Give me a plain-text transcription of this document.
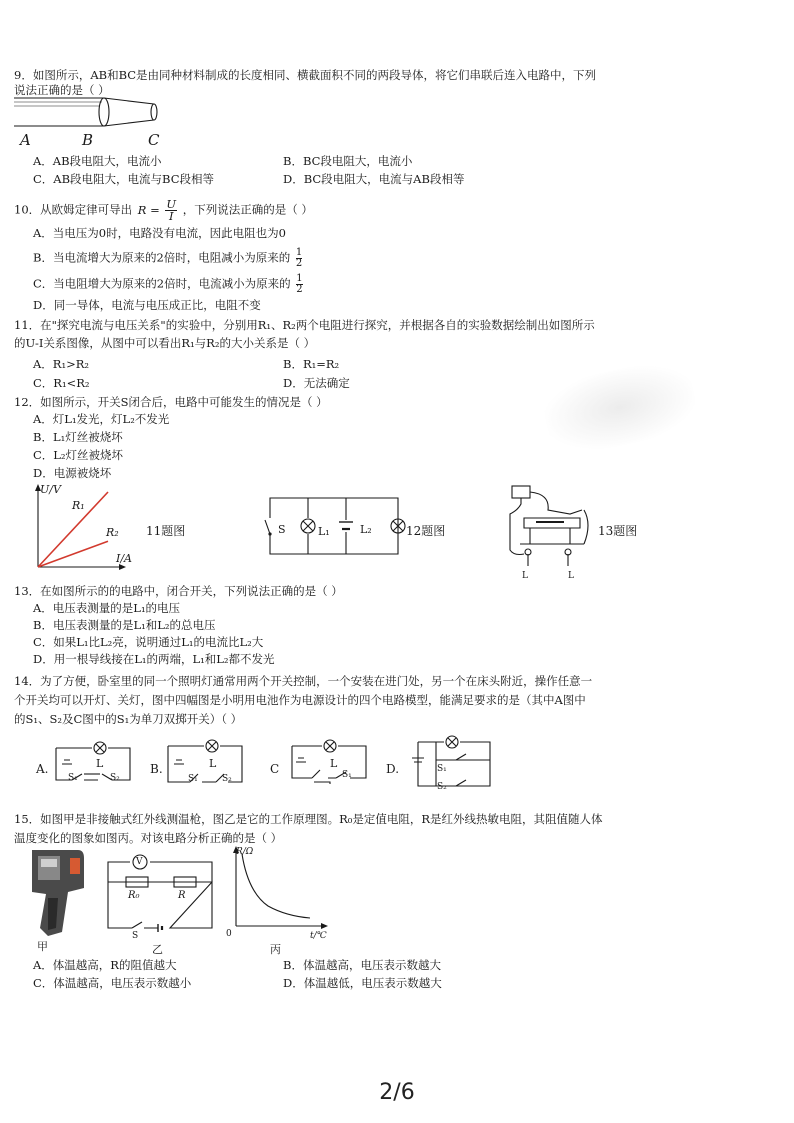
9．如图所示，AB和BC是由同种材料制成的长度相同、横截面积不同的两段导体，将它们串联后连入电路中，下列
说法正确的是（ ）
A	B	C
A．AB段电阻大，电流小	B．BC段电阻大，电流小
C．AB段电阻大，电流与BC段相等	D．BC段电阻大，电流与AB段相等
10．从欧姆定律可导出 $R = \frac{U}{I}$ ，下列说法正确的是（ ）
A．当电压为0时，电路没有电流，因此电阻也为0
B．当电流增大为原来的2倍时，电阻减小为原来的 $\frac{1}{2}$
C．当电阻增大为原来的2倍时，电流减小为原来的 $\frac{1}{2}$
D．同一导体，电流与电压成正比，电阻不变
11．在"探究电流与电压关系"的实验中，分别用R₁、R₂两个电阻进行探究，并根据各自的实验数据绘制出如图所示
的U-I关系图像，从图中可以看出R₁与R₂的大小关系是（ ）
A．R₁>R₂	B．R₁=R₂
C．R₁<R₂	D．无法确定
12．如图所示，开关S闭合后，电路中可能发生的情况是（ ）
A．灯L₁发光，灯L₂不发光
B．L₁灯丝被烧坏
C．L₂灯丝被烧坏
D．电源被烧坏
U/V
I/A
R₁
R₂ 11题图	S	L₁	L₂	12题图
L	L
13题图
13．在如图所示的的电路中，闭合开关，下列说法正确的是（ ）
A．电压表测量的是L₁的电压
B．电压表测量的是L₁和L₂的总电压
C．如果L₁比L₂亮，说明通过L₁的电流比L₂大
D．用一根导线接在L₁的两端，L₁和L₂都不发光
14．为了方便，卧室里的同一个照明灯通常用两个开关控制，一个安装在进门处，另一个在床头附近，操作任意一
个开关均可以开灯、关灯，图中四幅图是小明用电池作为电源设计的四个电路模型，能满足要求的是（其中A图中
的S₁、S₂及C图中的S₁为单刀双掷开关）（ ）
A.	L
S₁	S₂
B.	L
S₁	S₂
C	L
S₁	D.	S₁
S₂
15．如图甲是非接触式红外线测温枪，图乙是它的工作原理图。R₀是定值电阻，R是红外线热敏电阻，其阻值随人体
温度变化的图象如图丙。对该电路分析正确的是（ ）
甲
V
R₀	R
S
乙
R/Ω
0	t/℃
丙
A．体温越高，R的阻值越大	B．体温越高，电压表示数越大
C．体温越高，电压表示数越小	D．体温越低，电压表示数越大
2/6
